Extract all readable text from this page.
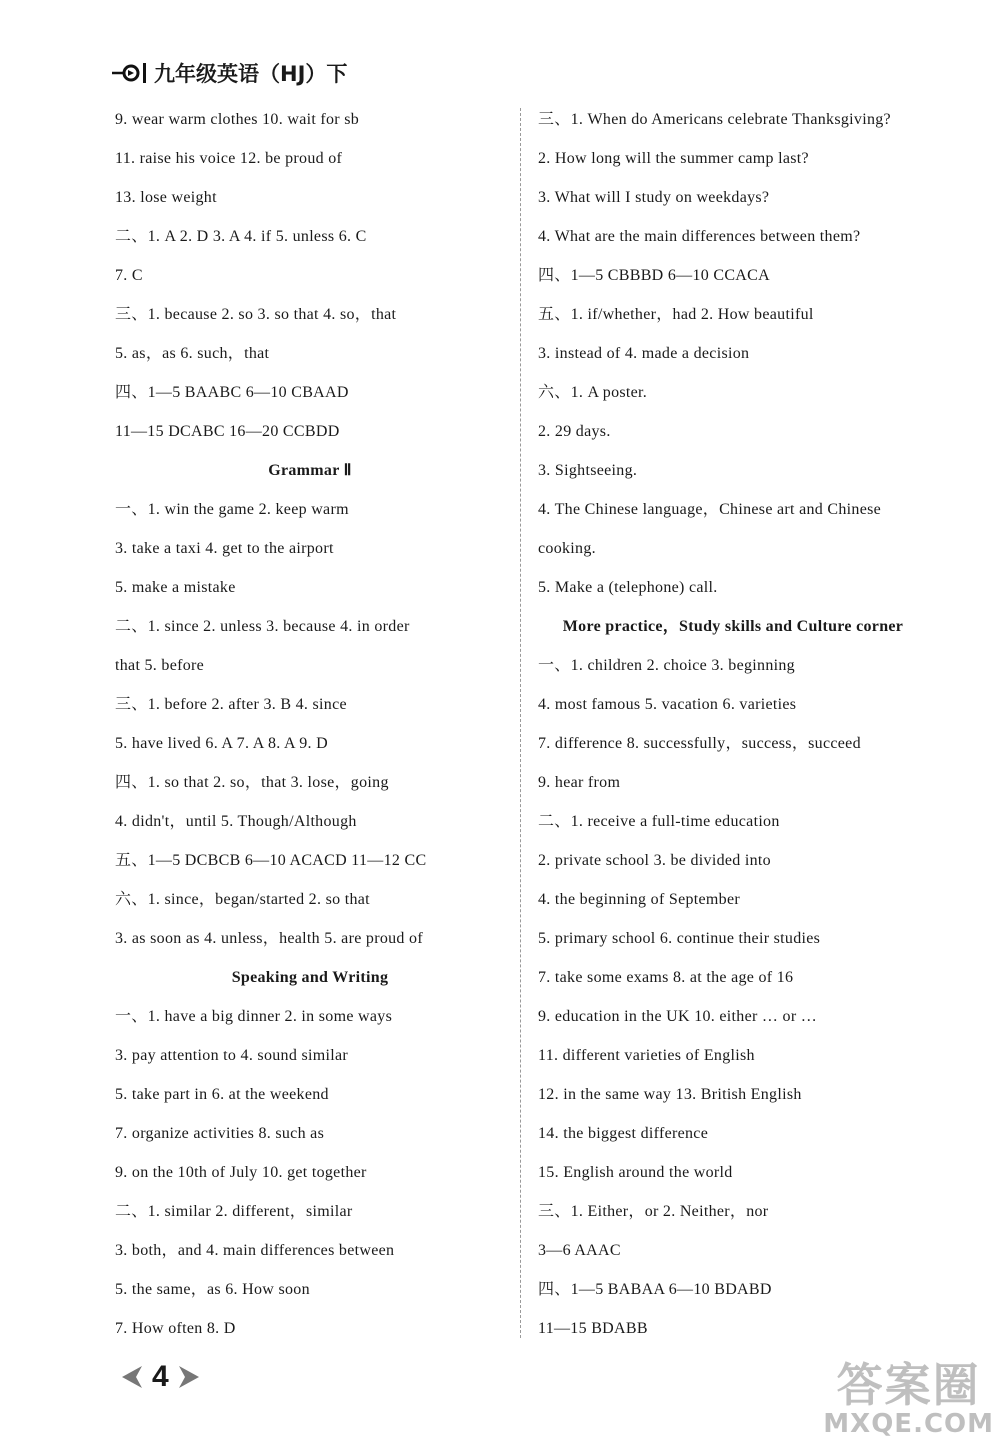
九年级英语（HJ）下
9. wear warm clothes 10. wait for sb
11. raise his voice 12. be proud of
13. lose weight
二、1. A 2. D 3. A 4. if 5. unless 6. C
7. C
三、1. because 2. so 3. so that 4. so，that
5. as，as 6. such，that
四、1—5 BAABC 6—10 CBAAD
11—15 DCABC 16—20 CCBDD
Grammar Ⅱ
一、1. win the game 2. keep warm
3. take a taxi 4. get to the airport
5. make a mistake
二、1. since 2. unless 3. because 4. in order
that 5. before
三、1. before 2. after 3. B 4. since
5. have lived 6. A 7. A 8. A 9. D
四、1. so that 2. so，that 3. lose，going
4. didn't，until 5. Though/Although
五、1—5 DCBCB 6—10 ACACD 11—12 CC
六、1. since，began/started 2. so that
3. as soon as 4. unless，health 5. are proud of
Speaking and Writing
一、1. have a big dinner 2. in some ways
3. pay attention to 4. sound similar
5. take part in 6. at the weekend
7. organize activities 8. such as
9. on the 10th of July 10. get together
二、1. similar 2. different，similar
3. both，and 4. main differences between
5. the same，as 6. How soon
7. How often 8. D
三、1. When do Americans celebrate Thanksgiving?
2. How long will the summer camp last?
3. What will I study on weekdays?
4. What are the main differences between them?
四、1—5 CBBBD 6—10 CCACA
五、1. if/whether，had 2. How beautiful
3. instead of 4. made a decision
六、1. A poster.
2. 29 days.
3. Sightseeing.
4. The Chinese language，Chinese art and Chinese
cooking.
5. Make a (telephone) call.
More practice，Study skills and Culture corner
一、1. children 2. choice 3. beginning
4. most famous 5. vacation 6. varieties
7. difference 8. successfully，success，succeed
9. hear from
二、1. receive a full-time education
2. private school 3. be divided into
4. the beginning of September
5. primary school 6. continue their studies
7. take some exams 8. at the age of 16
9. education in the UK 10. either … or …
11. different varieties of English
12. in the same way 13. British English
14. the biggest difference
15. English around the world
三、1. Either，or 2. Neither，nor
3—6 AAAC
四、1—5 BABAA 6—10 BDABD
11—15 BDABB
4	答案圈
MXQE.COM
